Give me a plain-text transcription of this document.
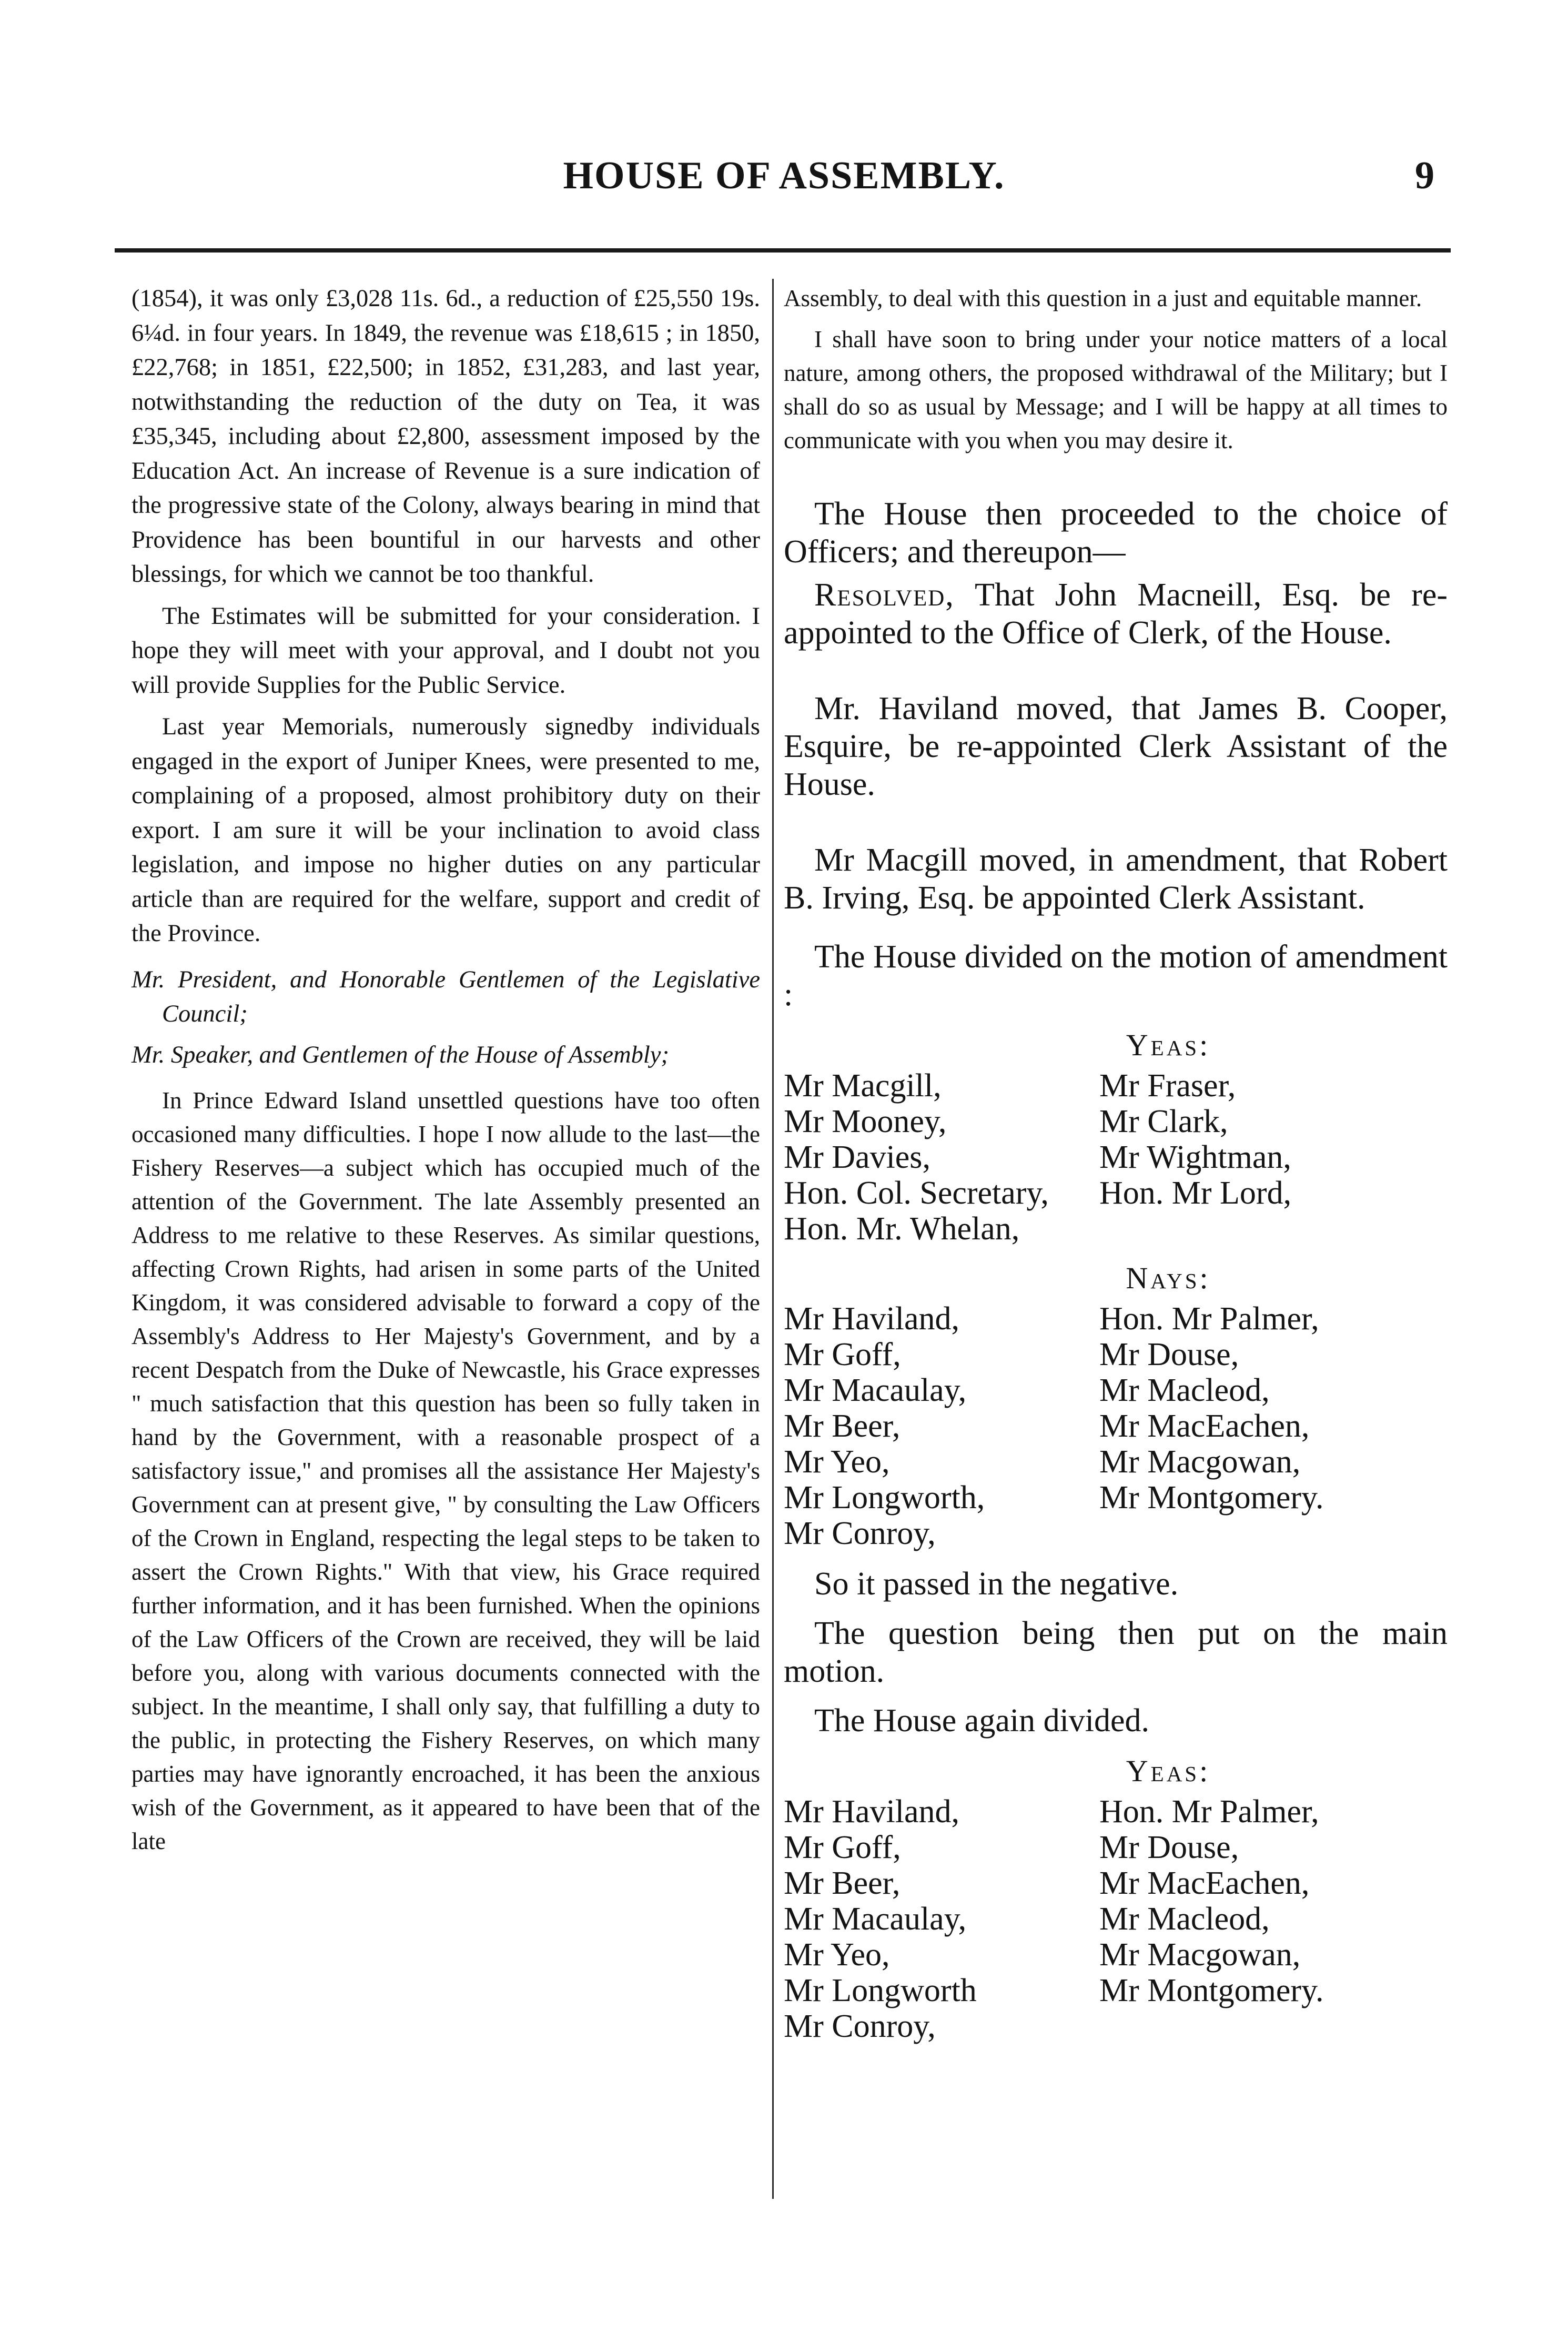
HOUSE OF ASSEMBLY.	9

(1854), it was only £3,028 11s. 6d., a reduction of £25,550 19s. 6¼d. in four years. In 1849, the revenue was £18,615 ; in 1850, £22,768; in 1851, £22,500; in 1852, £31,283, and last year, notwithstanding the reduction of the duty on Tea, it was £35,345, including about £2,800, assessment imposed by the Education Act. An increase of Revenue is a sure indication of the progressive state of the Colony, always bearing in mind that Providence has been bountiful in our harvests and other blessings, for which we cannot be too thankful.

The Estimates will be submitted for your consideration. I hope they will meet with your approval, and I doubt not you will provide Supplies for the Public Service.

Last year Memorials, numerously signedby individuals engaged in the export of Juniper Knees, were presented to me, complaining of a proposed, almost prohibitory duty on their export. I am sure it will be your inclination to avoid class legislation, and impose no higher duties on any particular article than are required for the welfare, support and credit of the Province.

Mr. President, and Honorable Gentlemen of the Legislative Council;

Mr. Speaker, and Gentlemen of the House of Assembly;

In Prince Edward Island unsettled questions have too often occasioned many difficulties. I hope I now allude to the last—the Fishery Reserves—a subject which has occupied much of the attention of the Government. The late Assembly presented an Address to me relative to these Reserves. As similar questions, affecting Crown Rights, had arisen in some parts of the United Kingdom, it was considered advisable to forward a copy of the Assembly's Address to Her Majesty's Government, and by a recent Despatch from the Duke of Newcastle, his Grace expresses " much satisfaction that this question has been so fully taken in hand by the Government, with a reasonable prospect of a satisfactory issue," and promises all the assistance Her Majesty's Government can at present give, " by consulting the Law Officers of the Crown in England, respecting the legal steps to be taken to assert the Crown Rights." With that view, his Grace required further information, and it has been furnished. When the opinions of the Law Officers of the Crown are received, they will be laid before you, along with various documents connected with the subject. In the meantime, I shall only say, that fulfilling a duty to the public, in protecting the Fishery Reserves, on which many parties may have ignorantly encroached, it has been the anxious wish of the Government, as it appeared to have been that of the late

Assembly, to deal with this question in a just and equitable manner.

I shall have soon to bring under your notice matters of a local nature, among others, the proposed withdrawal of the Military; but I shall do so as usual by Message; and I will be happy at all times to communicate with you when you may desire it.

The House then proceeded to the choice of Officers; and thereupon—

Resolved, That John Macneill, Esq. be re-appointed to the Office of Clerk, of the House.

Mr. Haviland moved, that James B. Cooper, Esquire, be re-appointed Clerk Assistant of the House.

Mr Macgill moved, in amendment, that Robert B. Irving, Esq. be appointed Clerk Assistant.

The House divided on the motion of amendment :

Yeas:
Mr Macgill,	Mr Fraser,
Mr Mooney,	Mr Clark,
Mr Davies,	Mr Wightman,
Hon. Col. Secretary,	Hon. Mr Lord,
Hon. Mr. Whelan,
Nays:
Mr Haviland,	Hon. Mr Palmer,
Mr Goff,	Mr Douse,
Mr Macaulay,	Mr Macleod,
Mr Beer,	Mr MacEachen,
Mr Yeo,	Mr Macgowan,
Mr Longworth,	Mr Montgomery.
Mr Conroy,

So it passed in the negative.

The question being then put on the main motion.

The House again divided.

Yeas:
Mr Haviland,	Hon. Mr Palmer,
Mr Goff,	Mr Douse,
Mr Beer,	Mr MacEachen,
Mr Macaulay,	Mr Macleod,
Mr Yeo,	Mr Macgowan,
Mr Longworth	Mr Montgomery.
Mr Conroy,
